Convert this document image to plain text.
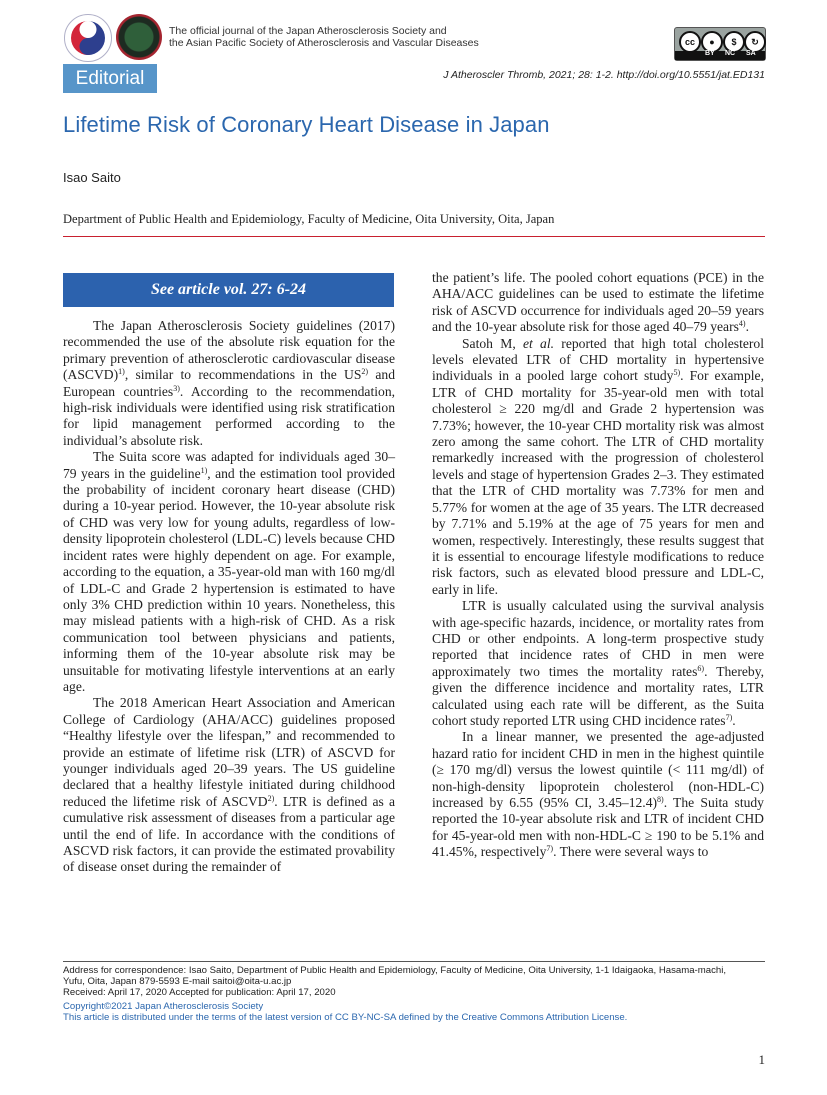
The official journal of the Japan Atherosclerosis Society and
the Asian Pacific Society of Atherosclerosis and Vascular Diseases	cc	●	$	↻
BY NC SA
Editorial	J Atheroscler Thromb, 2021; 28: 1-2. http://doi.org/10.5551/jat.ED131
Lifetime Risk of Coronary Heart Disease in Japan
Isao Saito
Department of Public Health and Epidemiology, Faculty of Medicine, Oita University, Oita, Japan
See article vol. 27: 6-24

The Japan Atherosclerosis Society guidelines (2017) recommended the use of the absolute risk equation for the primary prevention of atherosclerotic cardiovascular disease (ASCVD)$^{1)}$, similar to recommendations in the US$^{2)}$ and European countries$^{3)}$. According to the recommendation, high-risk individuals were identified using risk stratification for lipid management performed according to the individual’s absolute risk.

The Suita score was adapted for individuals aged 30–79 years in the guideline$^{1)}$, and the estimation tool provided the probability of incident coronary heart disease (CHD) during a 10-year period. However, the 10-year absolute risk of CHD was very low for young adults, regardless of low-density lipoprotein cholesterol (LDL-C) levels because CHD incident rates were highly dependent on age. For example, according to the equation, a 35-year-old man with 160 mg/dl of LDL-C and Grade 2 hypertension is estimated to have only 3% CHD prediction within 10 years. Nonetheless, this may mislead patients with a high-risk of CHD. As a risk communication tool between physicians and patients, informing them of the 10-year absolute risk may be unsuitable for motivating lifestyle interventions at an early age.

The 2018 American Heart Association and American College of Cardiology (AHA/ACC) guidelines proposed “Healthy lifestyle over the lifespan,” and recommended to provide an estimate of lifetime risk (LTR) of ASCVD for younger individuals aged 20–39 years. The US guideline declared that a healthy lifestyle initiated during childhood reduced the lifetime risk of ASCVD$^{2)}$. LTR is defined as a cumulative risk assessment of diseases from a particular age until the end of life. In accordance with the conditions of ASCVD risk factors, it can provide the estimated provability of disease onset during the remainder of

the patient’s life. The pooled cohort equations (PCE) in the AHA/ACC guidelines can be used to estimate the lifetime risk of ASCVD occurrence for individuals aged 20–59 years and the 10-year absolute risk for those aged 40–79 years$^{4)}$.

Satoh M, et al. reported that high total cholesterol levels elevated LTR of CHD mortality in hypertensive individuals in a pooled large cohort study$^{5)}$. For example, LTR of CHD mortality for 35-year-old men with total cholesterol ≥ 220 mg/dl and Grade 2 hypertension was 7.73%; however, the 10-year CHD mortality risk was almost zero among the same cohort. The LTR of CHD mortality remarkedly increased with the progression of cholesterol levels and stage of hypertension Grades 2–3. They estimated that the LTR of CHD mortality was 7.73% for men and 5.77% for women at the age of 35 years. The LTR decreased by 7.71% and 5.19% at the age of 75 years for men and women, respectively. Interestingly, these results suggest that it is essential to encourage lifestyle modifications to reduce risk factors, such as elevated blood pressure and LDL-C, early in life.

LTR is usually calculated using the survival analysis with age-specific hazards, incidence, or mortality rates from CHD or other endpoints. A long-term prospective study reported that incidence rates of CHD in men were approximately two times the mortality rates$^{6)}$. Thereby, given the difference incidence and mortality rates, LTR calculated using each rate will be different, as the Suita cohort study reported LTR using CHD incidence rates$^{7)}$.

In a linear manner, we presented the age-adjusted hazard ratio for incident CHD in men in the highest quintile (≥ 170 mg/dl) versus the lowest quintile (< 111 mg/dl) of non-high-density lipoprotein cholesterol (non-HDL-C) increased by 6.55 (95% CI, 3.45–12.4)$^{8)}$. The Suita study reported the 10-year absolute risk and LTR of incident CHD for 45-year-old men with non-HDL-C ≥ 190 to be 5.1% and 41.45%, respectively$^{7)}$. There were several ways to

Address for correspondence: Isao Saito, Department of Public Health and Epidemiology, Faculty of Medicine, Oita University, 1-1 Idaigaoka, Hasama-machi,
Yufu, Oita, Japan 879-5593 E-mail saitoi@oita-u.ac.jp
Received: April 17, 2020 Accepted for publication: April 17, 2020
Copyright©2021 Japan Atherosclerosis Society
This article is distributed under the terms of the latest version of CC BY-NC-SA defined by the Creative Commons Attribution License.
1
